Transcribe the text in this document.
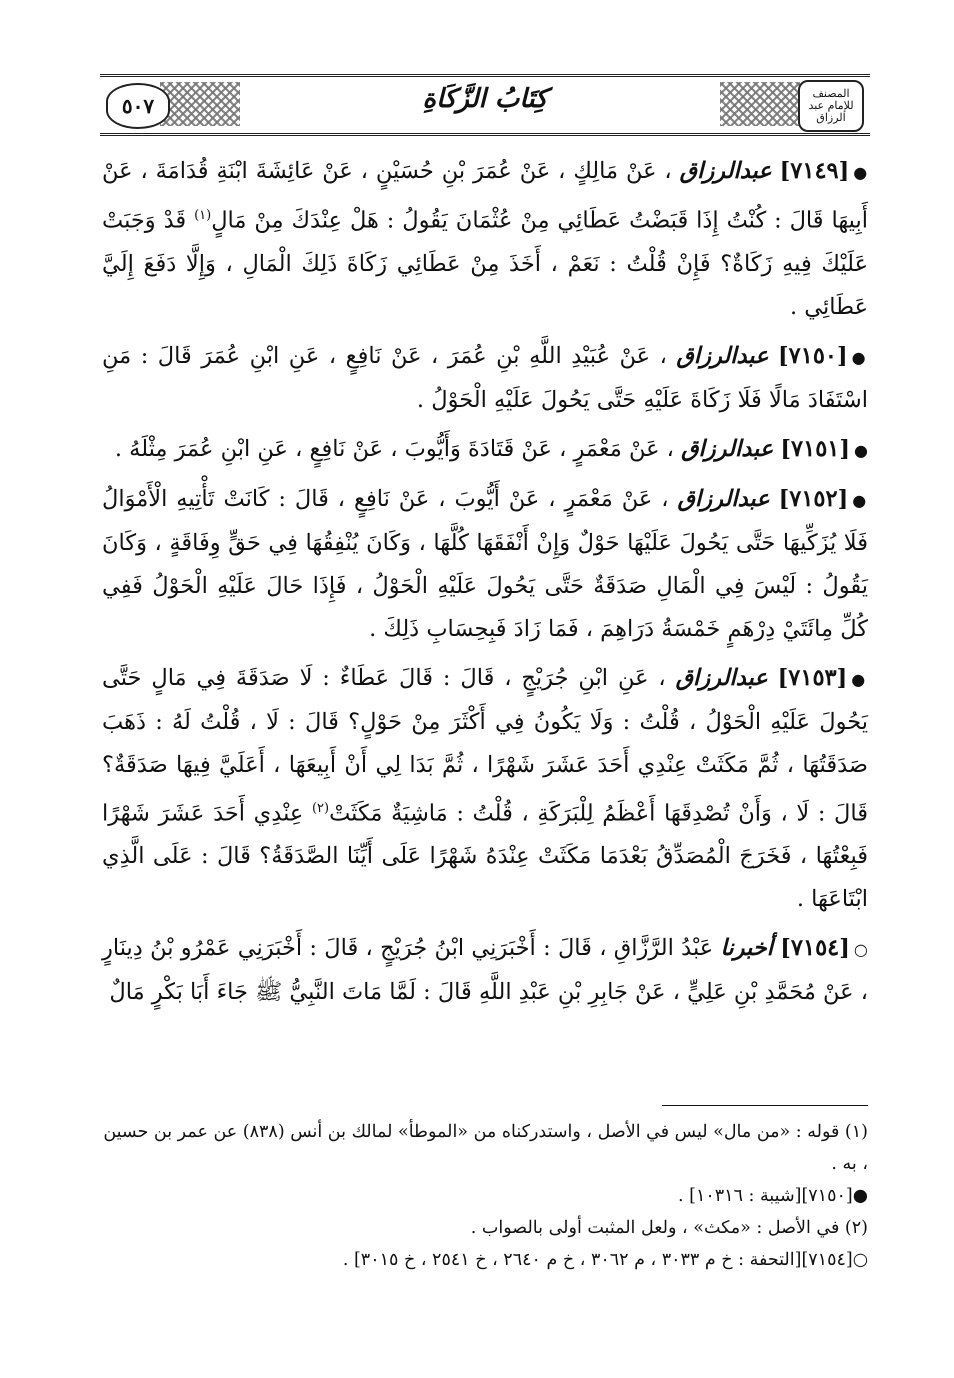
٥٠٧	كِتَابُ الزَّكَاةِ	المصنف للإمام عبد الرزاق

●[٧١٤٩] عبدالرزاق ، عَنْ مَالِكٍ ، عَنْ عُمَرَ بْنِ حُسَيْنٍ ، عَنْ عَائِشَةَ ابْنَةِ قُدَامَةَ ، عَنْ أَبِيهَا قَالَ : كُنْتُ إِذَا قَبَضْتُ عَطَائِي مِنْ عُثْمَانَ يَقُولُ : هَلْ عِنْدَكَ مِنْ مَالٍ$^{(١)}$ قَدْ وَجَبَتْ عَلَيْكَ فِيهِ زَكَاةٌ؟ فَإِنْ قُلْتُ : نَعَمْ ، أَخَذَ مِنْ عَطَائِي زَكَاةَ ذَلِكَ الْمَالِ ، وَإِلَّا دَفَعَ إِلَيَّ عَطَائِي .

●[٧١٥٠] عبدالرزاق ، عَنْ عُبَيْدِ اللَّهِ بْنِ عُمَرَ ، عَنْ نَافِعٍ ، عَنِ ابْنِ عُمَرَ قَالَ : مَنِ اسْتَفَادَ مَالًا فَلَا زَكَاةَ عَلَيْهِ حَتَّى يَحُولَ عَلَيْهِ الْحَوْلُ .

●[٧١٥١] عبدالرزاق ، عَنْ مَعْمَرٍ ، عَنْ قَتَادَةَ وَأَيُّوبَ ، عَنْ نَافِعٍ ، عَنِ ابْنِ عُمَرَ مِثْلَهُ .

●[٧١٥٢] عبدالرزاق ، عَنْ مَعْمَرٍ ، عَنْ أَيُّوبَ ، عَنْ نَافِعٍ ، قَالَ : كَانَتْ تَأْتِيهِ الْأَمْوَالُ فَلَا يُزَكِّيهَا حَتَّى يَحُولَ عَلَيْهَا حَوْلٌ وَإِنْ أَنْفَقَهَا كُلَّهَا ، وَكَانَ يُنْفِقُهَا فِي حَقٍّ وِفَاقَةٍ ، وَكَانَ يَقُولُ : لَيْسَ فِي الْمَالِ صَدَقَةٌ حَتَّى يَحُولَ عَلَيْهِ الْحَوْلُ ، فَإِذَا حَالَ عَلَيْهِ الْحَوْلُ فَفِي كُلِّ مِائَتَيْ دِرْهَمٍ خَمْسَةُ دَرَاهِمَ ، فَمَا زَادَ فَبِحِسَابِ ذَلِكَ .

●[٧١٥٣] عبدالرزاق ، عَنِ ابْنِ جُرَيْجٍ ، قَالَ : قَالَ عَطَاءٌ : لَا صَدَقَةَ فِي مَالٍ حَتَّى يَحُولَ عَلَيْهِ الْحَوْلُ ، قُلْتُ : وَلَا يَكُونُ فِي أَكْثَرَ مِنْ حَوْلٍ؟ قَالَ : لَا ، قُلْتُ لَهُ : ذَهَبَ صَدَقَتُهَا ، ثُمَّ مَكَثَتْ عِنْدِي أَحَدَ عَشَرَ شَهْرًا ، ثُمَّ بَدَا لِي أَنْ أَبِيعَهَا ، أَعَلَيَّ فِيهَا صَدَقَةٌ؟ قَالَ : لَا ، وَأَنْ تُصْدِقَهَا أَعْظَمُ لِلْبَرَكَةِ ، قُلْتُ : مَاشِيَةٌ مَكَثَتْ$^{(٢)}$ عِنْدِي أَحَدَ عَشَرَ شَهْرًا فَبِعْتُهَا ، فَخَرَجَ الْمُصَدِّقُ بَعْدَمَا مَكَثَتْ عِنْدَهُ شَهْرًا عَلَى أَيِّنَا الصَّدَقَةُ؟ قَالَ : عَلَى الَّذِي ابْتَاعَهَا .

○[٧١٥٤] أخبرنا عَبْدُ الرَّزَّاقِ ، قَالَ : أَخْبَرَنِي ابْنُ جُرَيْجٍ ، قَالَ : أَخْبَرَنِي عَمْرُو بْنُ دِينَارٍ ، عَنْ مُحَمَّدِ بْنِ عَلِيٍّ ، عَنْ جَابِرِ بْنِ عَبْدِ اللَّهِ قَالَ : لَمَّا مَاتَ النَّبِيُّ ﷺ جَاءَ أَبَا بَكْرٍ مَالٌ

(١) قوله : «من مال» ليس في الأصل ، واستدركناه من «الموطأ» لمالك بن أنس (٨٣٨) عن عمر بن حسين ، به .

●[٧١٥٠][شيبة : ١٠٣١٦] .

(٢) في الأصل : «مكث» ، ولعل المثبت أولى بالصواب .

○[٧١٥٤][التحفة : خ م ٣٠٣٣ ، م ٣٠٦٢ ، خ م ٢٦٤٠ ، خ ٢٥٤١ ، خ ٣٠١٥] .
